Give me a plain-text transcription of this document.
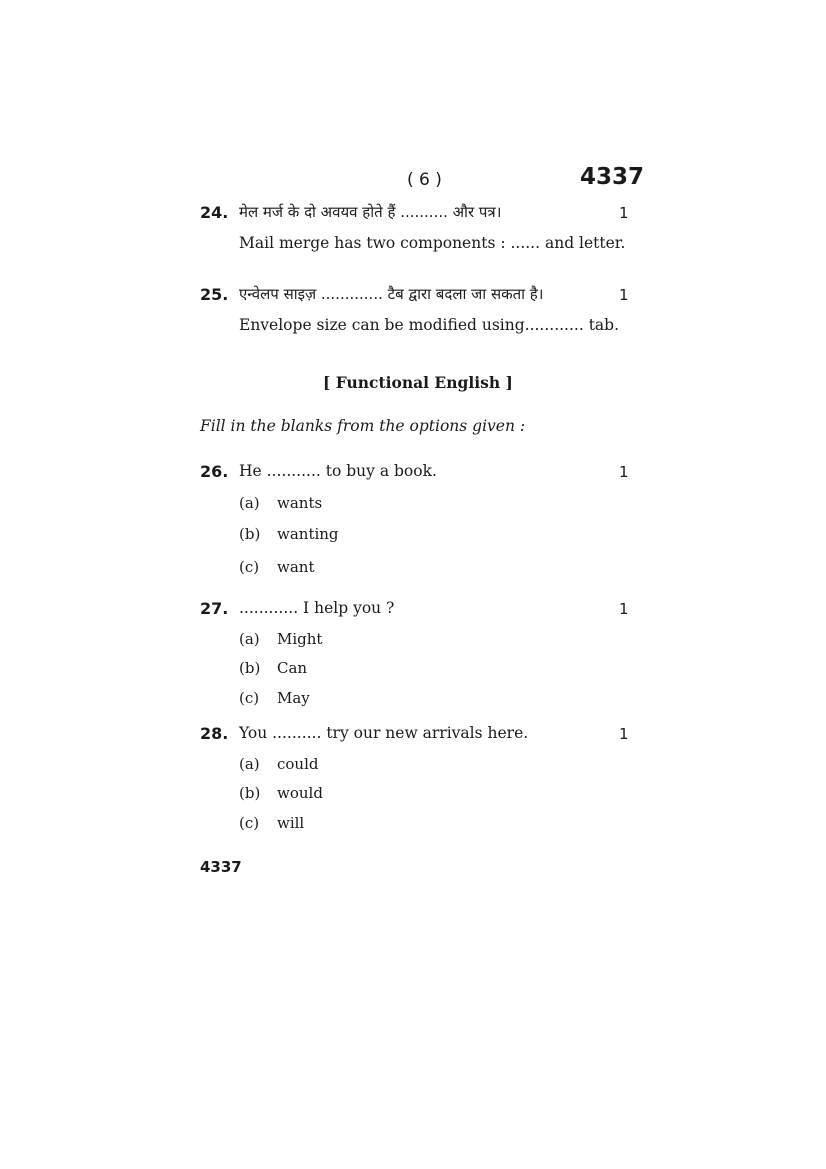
( 6 )	4337
24. मेल मर्ज के दो अवयव होते हैं .......... और पत्र।	1
Mail merge has two components : ...... and letter.
25. एन्वेलप साइज़ ............. टैब द्वारा बदला जा सकता है।	1
Envelope size can be modified using............ tab.
[ Functional English ]
Fill in the blanks from the options given :
26. He ........... to buy a book.	1
(a) wants
(b) wanting
(c) want
27. ............ I help you ?	1
(a) Might
(b) Can
(c) May
28. You .......... try our new arrivals here.	1
(a) could
(b) would
(c) will
4337
